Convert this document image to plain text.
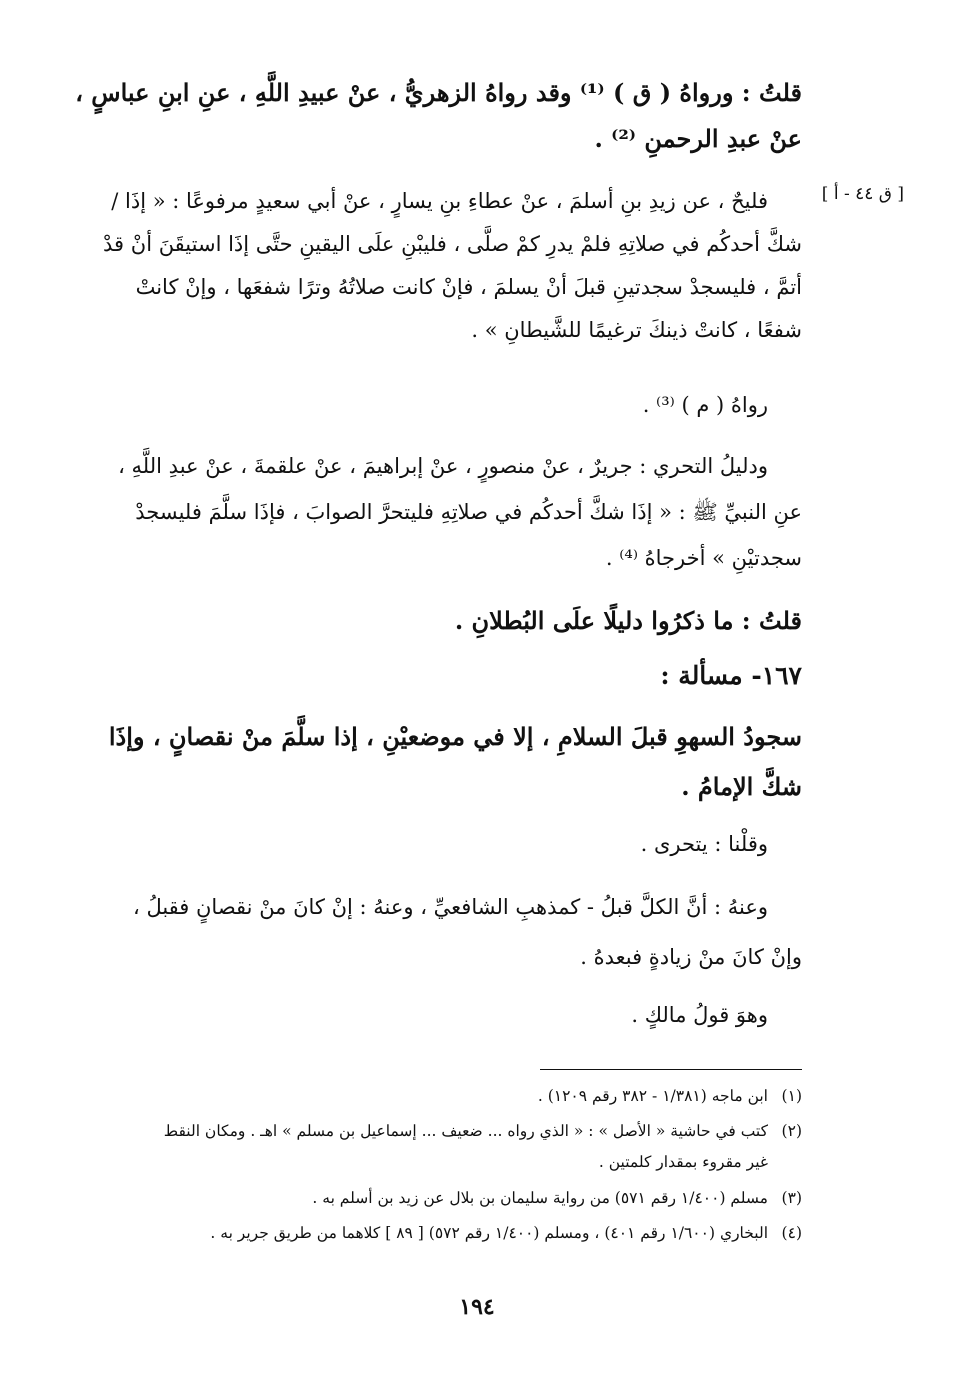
قلتُ : ورواهُ ( ق ) ⁽¹⁾ وقد رواهُ الزهريُّ ، عنْ عبيدِ اللَّهِ ، عنِ ابنِ عباسٍ ،
عنْ عبدِ الرحمنِ ⁽²⁾ .
[ ق ٤٤ - أ ]
فليحٌ ، عن زيدِ بنِ أسلمَ ، عنْ عطاءِ بنِ يسارٍ ، عنْ أبي سعيدٍ مرفوعًا : « إذَا /
شكَّ أحدكُم في صلاتِهِ فلمْ يدرِ كمْ صلَّى ، فليبْنِ علَى اليقينِ حتَّى إذَا استيقَنَ أنْ قدْ
أتمَّ ، فليسجدْ سجدتينِ قبلَ أنْ يسلمَ ، فإنْ كانت صلاتُهُ وترًا شفعَها ، وإنْ كانتْ
شفعًا ، كانتْ ذينكَ ترغيمًا للشَّيطانِ » .
رواهُ ( م ) ⁽³⁾ .
ودليلُ التحري : جريرٌ ، عنْ منصورٍ ، عنْ إبراهيمَ ، عنْ علقمةَ ، عنْ عبدِ اللَّهِ ،
عنِ النبيِّ ﷺ : « إذَا شكَّ أحدكُم في صلاتِهِ فليتحرَّ الصوابَ ، فإذَا سلَّمَ فليسجدْ
سجدتيْنِ » أخرجاهُ ⁽⁴⁾ .
قلتُ : ما ذكرُوا دليلًا علَى البُطلانِ .
١٦٧- مسألة :
سجودُ السهوِ قبلَ السلامِ ، إلا في موضعيْنِ ، إذا سلَّمَ منْ نقصانٍ ، وإذَا
شكَّ الإمامُ .
وقلْنا : يتحرى .
وعنهُ : أنَّ الكلَّ قبلُ - كمذهبِ الشافعيِّ ، وعنهُ : إنْ كانَ منْ نقصانٍ فقبلُ ،
وإنْ كانَ منْ زيادةٍ فبعدهُ .
وهوَ قولُ مالكٍ .
(١)ابن ماجه (١/٣٨١ - ٣٨٢ رقم ١٢٠٩) .
(٢)كتب في حاشية « الأصل » : « الذي رواه ... ضعيف ... إسماعيل بن مسلم » اهـ . ومكان النقط
غير مقروء بمقدار كلمتين .
(٣)مسلم (١/٤٠٠ رقم ٥٧١) من رواية سليمان بن بلال عن زيد بن أسلم به .
(٤)البخاري (١/٦٠٠ رقم ٤٠١) ، ومسلم (١/٤٠٠ رقم ٥٧٢) [ ٨٩ ] كلاهما من طريق جرير به .
١٩٤
